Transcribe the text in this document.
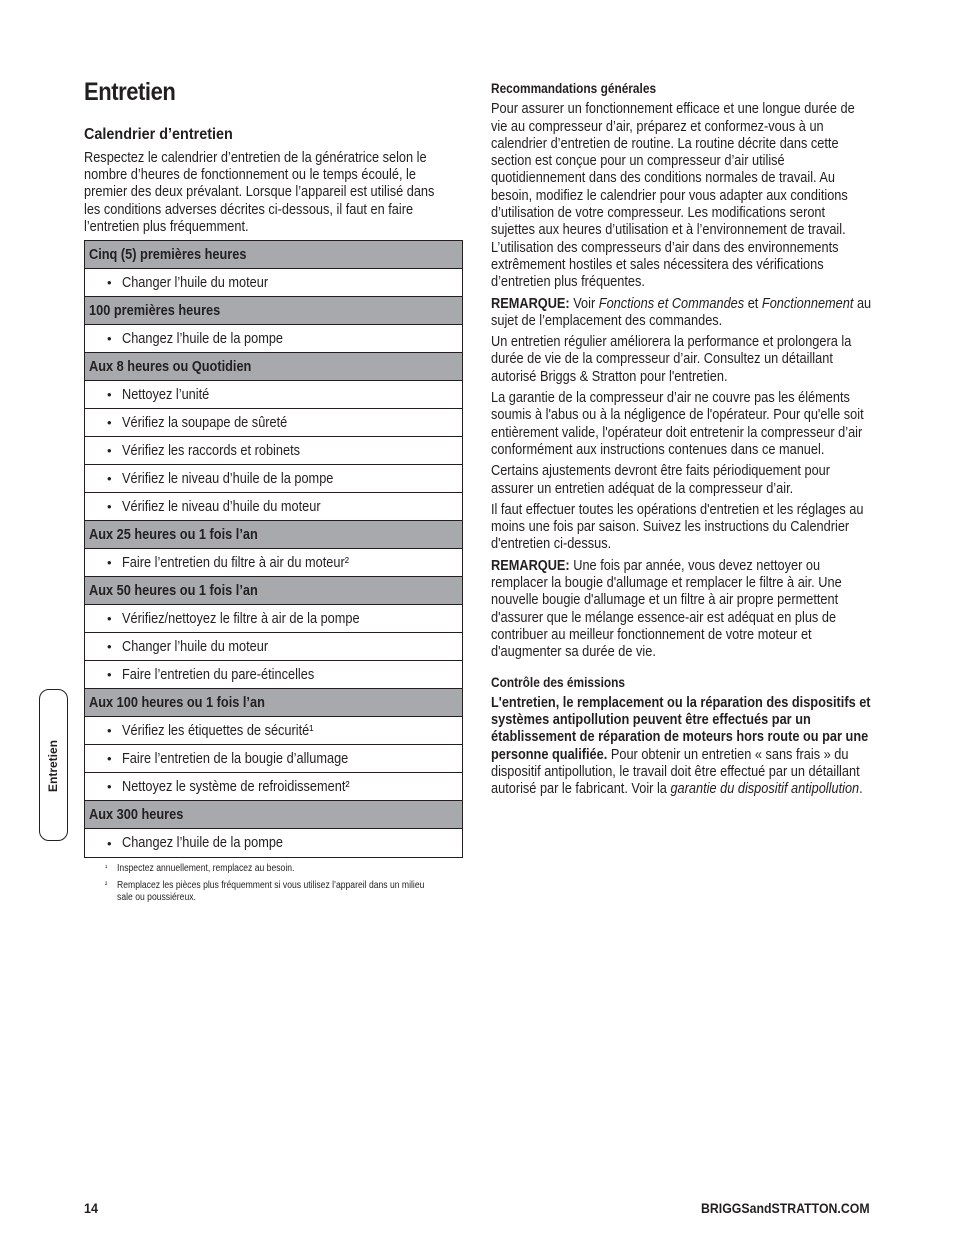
Entretien
Calendrier d’entretien
Respectez le calendrier d’entretien de la génératrice selon le nombre d’heures de fonctionnement ou le temps écoulé, le premier des deux prévalant. Lorsque l’appareil est utilisé dans les conditions adverses décrites ci-dessous, il faut en faire l’entretien plus fréquemment.
Cinq (5) premières heures
• Changer l’huile du moteur
100 premières heures
• Changez l’huile de la pompe
Aux 8 heures ou Quotidien
• Nettoyez l’unité
• Vérifiez la soupape de sûreté
• Vérifiez les raccords et robinets
• Vérifiez le niveau d’huile de la pompe
• Vérifiez le niveau d’huile du moteur
Aux 25 heures ou 1 fois l’an
• Faire l’entretien du filtre à air du moteur²
Aux 50 heures ou 1 fois l’an
• Vérifiez/nettoyez le filtre à air de la pompe
• Changer l’huile du moteur
• Faire l’entretien du pare-étincelles
Aux 100 heures ou 1 fois l’an
• Vérifiez les étiquettes de sécurité¹
• Faire l’entretien de la bougie d’allumage
• Nettoyez le système de refroidissement²
Aux 300 heures
• Changez l’huile de la pompe
¹ Inspectez annuellement, remplacez au besoin.
² Remplacez les pièces plus fréquemment si vous utilisez l’appareil dans un milieu sale ou poussiéreux.
Entretien

Recommandations générales

Pour assurer un fonctionnement efficace et une longue durée de vie au compresseur d’air, préparez et conformez-vous à un calendrier d’entretien de routine. La routine décrite dans cette section est conçue pour un compresseur d’air utilisé quotidiennement dans des conditions normales de travail. Au besoin, modifiez le calendrier pour vous adapter aux conditions d’utilisation de votre compresseur. Les modifications seront sujettes aux heures d’utilisation et à l’environnement de travail. L’utilisation des compresseurs d’air dans des environnements extrêmement hostiles et sales nécessitera des vérifications d’entretien plus fréquentes.

REMARQUE: Voir Fonctions et Commandes et Fonctionnement au sujet de l’emplacement des commandes.

Un entretien régulier améliorera la performance et prolongera la durée de vie de la compresseur d’air. Consultez un détaillant autorisé Briggs & Stratton pour l'entretien.

La garantie de la compresseur d’air ne couvre pas les éléments soumis à l'abus ou à la négligence de l'opérateur. Pour qu'elle soit entièrement valide, l'opérateur doit entretenir la compresseur d’air conformément aux instructions contenues dans ce manuel.

Certains ajustements devront être faits périodiquement pour assurer un entretien adéquat de la compresseur d’air.

Il faut effectuer toutes les opérations d'entretien et les réglages au moins une fois par saison. Suivez les instructions du Calendrier d'entretien ci-dessus.

REMARQUE: Une fois par année, vous devez nettoyer ou remplacer la bougie d'allumage et remplacer le filtre à air. Une nouvelle bougie d'allumage et un filtre à air propre permettent d'assurer que le mélange essence-air est adéquat en plus de contribuer au meilleur fonctionnement de votre moteur et d'augmenter sa durée de vie.

Contrôle des émissions

L'entretien, le remplacement ou la réparation des dispositifs et systèmes antipollution peuvent être effectués par un établissement de réparation de moteurs hors route ou par une personne qualifiée. Pour obtenir un entretien « sans frais » du dispositif antipollution, le travail doit être effectué par un détaillant autorisé par le fabricant. Voir la garantie du dispositif antipollution.

14	BRIGGSandSTRATTON.COM
